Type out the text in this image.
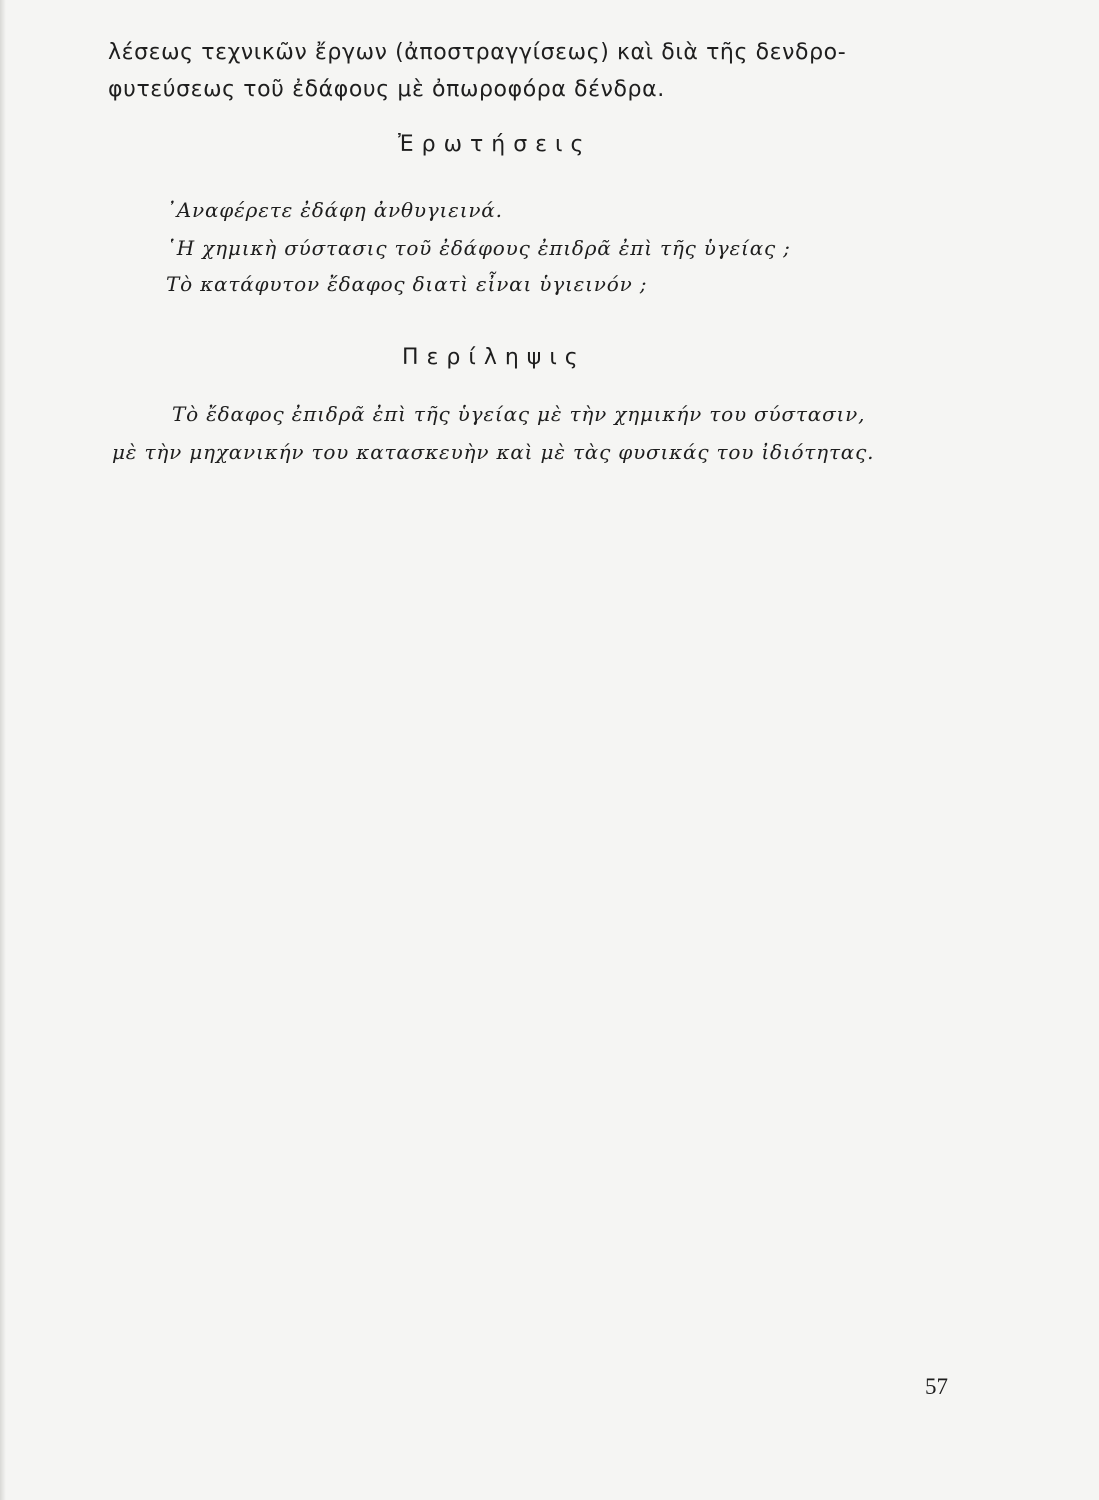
λέσεως τεχνικῶν ἔργων (ἀποστραγγίσεως) καὶ διὰ τῆς δενδρο-
φυτεύσεως τοῦ ἐδάφους μὲ ὀπωροφόρα δένδρα.
Ἐρωτήσεις
᾿Αναφέρετε ἐδάφη ἀνθυγιεινά.
῾Η χημικὴ σύστασις τοῦ ἐδάφους ἐπιδρᾶ ἐπὶ τῆς ὑγείας ;
Τὸ κατάφυτον ἔδαφος διατὶ εἶναι ὑγιεινόν ;
Περίληψις
Τὸ ἔδαφος ἐπιδρᾶ ἐπὶ τῆς ὑγείας μὲ τὴν χημικήν του σύστασιν,
μὲ τὴν μηχανικήν του κατασκευὴν καὶ μὲ τὰς φυσικάς του ἰδιότητας.
57
